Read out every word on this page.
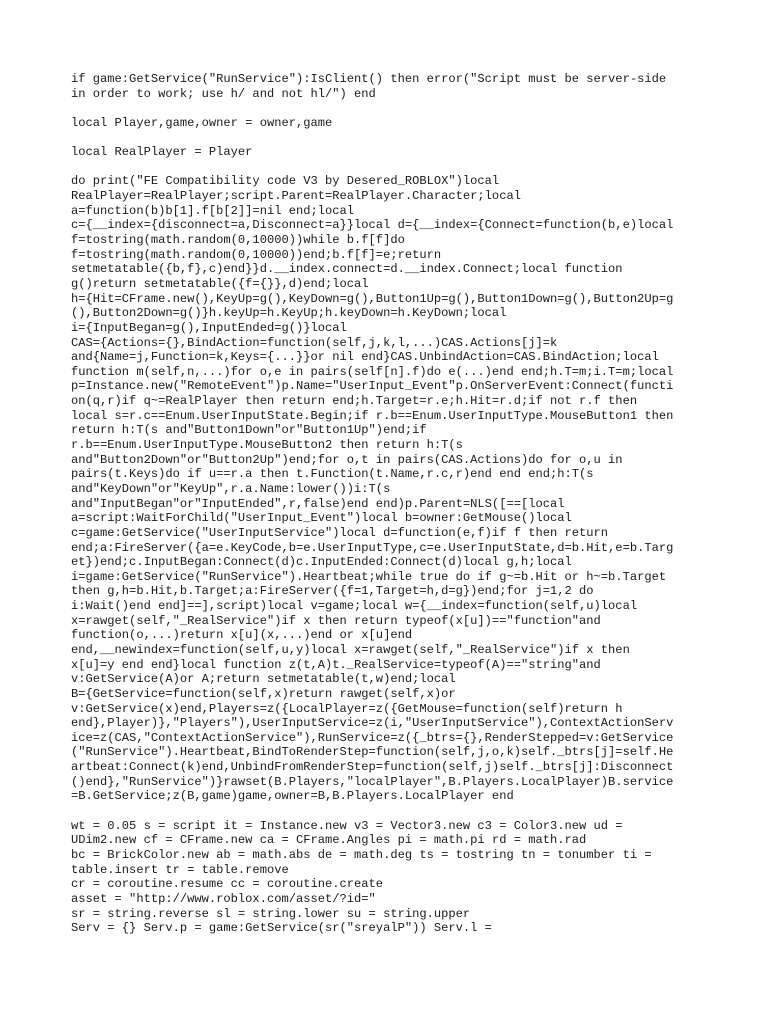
if game:GetService("RunService"):IsClient() then error("Script must be server-side
in order to work; use h/ and not hl/") end
local Player,game,owner = owner,game
local RealPlayer = Player
do print("FE Compatibility code V3 by Desered_ROBLOX")local
RealPlayer=RealPlayer;script.Parent=RealPlayer.Character;local
a=function(b)b[1].f[b[2]]=nil end;local
c={__index={disconnect=a,Disconnect=a}}local d={__index={Connect=function(b,e)local
f=tostring(math.random(0,10000))while b.f[f]do
f=tostring(math.random(0,10000))end;b.f[f]=e;return
setmetatable({b,f},c)end}}d.__index.connect=d.__index.Connect;local function
g()return setmetatable({f={}},d)end;local
h={Hit=CFrame.new(),KeyUp=g(),KeyDown=g(),Button1Up=g(),Button1Down=g(),Button2Up=g
(),Button2Down=g()}h.keyUp=h.KeyUp;h.keyDown=h.KeyDown;local
i={InputBegan=g(),InputEnded=g()}local
CAS={Actions={},BindAction=function(self,j,k,l,...)CAS.Actions[j]=k
and{Name=j,Function=k,Keys={...}}or nil end}CAS.UnbindAction=CAS.BindAction;local
function m(self,n,...)for o,e in pairs(self[n].f)do e(...)end end;h.T=m;i.T=m;local
p=Instance.new("RemoteEvent")p.Name="UserInput_Event"p.OnServerEvent:Connect(functi
on(q,r)if q~=RealPlayer then return end;h.Target=r.e;h.Hit=r.d;if not r.f then
local s=r.c==Enum.UserInputState.Begin;if r.b==Enum.UserInputType.MouseButton1 then
return h:T(s and"Button1Down"or"Button1Up")end;if
r.b==Enum.UserInputType.MouseButton2 then return h:T(s
and"Button2Down"or"Button2Up")end;for o,t in pairs(CAS.Actions)do for o,u in
pairs(t.Keys)do if u==r.a then t.Function(t.Name,r.c,r)end end end;h:T(s
and"KeyDown"or"KeyUp",r.a.Name:lower())i:T(s
and"InputBegan"or"InputEnded",r,false)end end)p.Parent=NLS([==[local
a=script:WaitForChild("UserInput_Event")local b=owner:GetMouse()local
c=game:GetService("UserInputService")local d=function(e,f)if f then return
end;a:FireServer({a=e.KeyCode,b=e.UserInputType,c=e.UserInputState,d=b.Hit,e=b.Targ
et})end;c.InputBegan:Connect(d)c.InputEnded:Connect(d)local g,h;local
i=game:GetService("RunService").Heartbeat;while true do if g~=b.Hit or h~=b.Target
then g,h=b.Hit,b.Target;a:FireServer({f=1,Target=h,d=g})end;for j=1,2 do
i:Wait()end end]==],script)local v=game;local w={__index=function(self,u)local
x=rawget(self,"_RealService")if x then return typeof(x[u])=="function"and
function(o,...)return x[u](x,...)end or x[u]end
end,__newindex=function(self,u,y)local x=rawget(self,"_RealService")if x then
x[u]=y end end}local function z(t,A)t._RealService=typeof(A)=="string"and
v:GetService(A)or A;return setmetatable(t,w)end;local
B={GetService=function(self,x)return rawget(self,x)or
v:GetService(x)end,Players=z({LocalPlayer=z({GetMouse=function(self)return h
end},Player)},"Players"),UserInputService=z(i,"UserInputService"),ContextActionServ
ice=z(CAS,"ContextActionService"),RunService=z({_btrs={},RenderStepped=v:GetService
("RunService").Heartbeat,BindToRenderStep=function(self,j,o,k)self._btrs[j]=self.He
artbeat:Connect(k)end,UnbindFromRenderStep=function(self,j)self._btrs[j]:Disconnect
()end},"RunService")}rawset(B.Players,"localPlayer",B.Players.LocalPlayer)B.service
=B.GetService;z(B,game)game,owner=B,B.Players.LocalPlayer end
wt = 0.05 s = script it = Instance.new v3 = Vector3.new c3 = Color3.new ud =
UDim2.new cf = CFrame.new ca = CFrame.Angles pi = math.pi rd = math.rad
bc = BrickColor.new ab = math.abs de = math.deg ts = tostring tn = tonumber ti =
table.insert tr = table.remove
cr = coroutine.resume cc = coroutine.create
asset = "http://www.roblox.com/asset/?id="
sr = string.reverse sl = string.lower su = string.upper
Serv = {} Serv.p = game:GetService(sr("sreyalP")) Serv.l =
